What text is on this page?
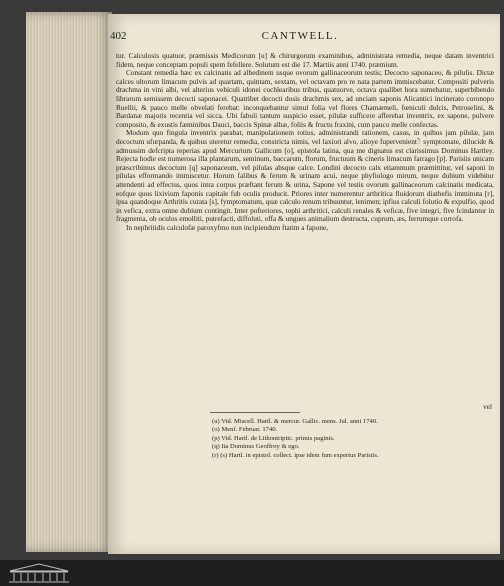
402	CANTWELL.

tur. Calculosis quatuor, præmissis Medicorum [u] & chirurgorum examinibus, administrata remedia, neque datam inventrici fidem, neque conceptam populi spem fefellere. Solutum est die 17. Martiis anni 1740. præmium.

Constant remedia hæc ex calcinatis ad albedinem usque ovorum gallinaceorum testis; Decocto saponaceo, & pilulis. Dictæ calces ultorum limacum pulvis ad quartam, quintam, sextam, vel octavam pro re nata partem immiscebatur. Compositi pulveris drachma in vini albi, vel alterius vehiculi idonei cochlearibus tribus, quatuorve, octava qualibet hora sumebatur, superbibendo librarum semissem decocti saponacei. Quatribet decocti dosis drachmis sex, ad unciam saponis Alicantici incinerato coronopo Ruellii, & pauco melle obvelati ferebat: inconquebantur simul folia vel flores Chamæmeli, fœniculi dulcis, Petroselini, & Bardanæ majoris recentia vel sicca. Ubi fabuli tantum suspicio esset, pilulæ sufficere afferebat inventrix, ex sapone, pulvere composito, & exustis fæminibus Dauci, baccis Spinæ albæ, foliis & fructu fraxini, cum pauco melle confectas.

Modum quo fingula inventrix parabat, manipulationem totius, administrandi rationem, casus, in quibus jam pilulæ, jam decoctum ufurpanda, & quibus uteretur remedia, constricta nimis, vel laxiori alvo, alioye fupervenientे symptomate, dilucide & admussim defcripta reperias apud Mercurium Gallicum [o], epistola latina, qua me dignatus est clarissimus Dominus Hartley. Rejecta hodie est numerosa illa plantarum, seminum, baccarum, florum, fructuum & cineris limacum farrago [p]. Parisiis unicam præscribimus decoctum [q] saponaceum, vel pilulas absque calce. Londini decocto calx etiammum præmittitur, vel saponi in pilulas efformando immiscetur. Horum falibus & ferum & urinam acui, neque phyfiologo mirum, neque dubium videbitur attendenti ad effectus, quos intra corpus præftant ferum & urina, Sapone vel testis ovorum gallinaceorum calcinatis medicata, eofque quos lixivium faponis capitale fub oculis producit. Priores inter numerentur arthritica fluidorum diathefis imminuta [r], ipsa quandoque Arthritis curata [s], fymptomatum, quæ calculo renum tribuuntur, lenimen; ipfius calculi folutio & expulfio, quod in vefica, extra omne dubium contingit. Inter pofteriores, tophi arthritici, calculi renales & veficæ, five integri, five fcindantur in fragmenta, ob oculos emolliti, putrefacti, diffoluti, offa & ungues animalium destructa, cuprum, æs, ferrumque corrofa.

In nephritidis calculofæ paroxyfmo non incipiendum ftatim a fapone,

vel
(u) Vid. Miscell. Hartl. & mercur. Gallic. mens. Jul. anni 1740.
(o) Menf. Februar. 1740.
(p) Vid. Hartl. de Lithontriptic. primis paginis.
(q) Ita Dominus Geoffroy & ego.
(r) (s) Hartl. in epistol. collect. ipse idem fum expertus Parisiis.
